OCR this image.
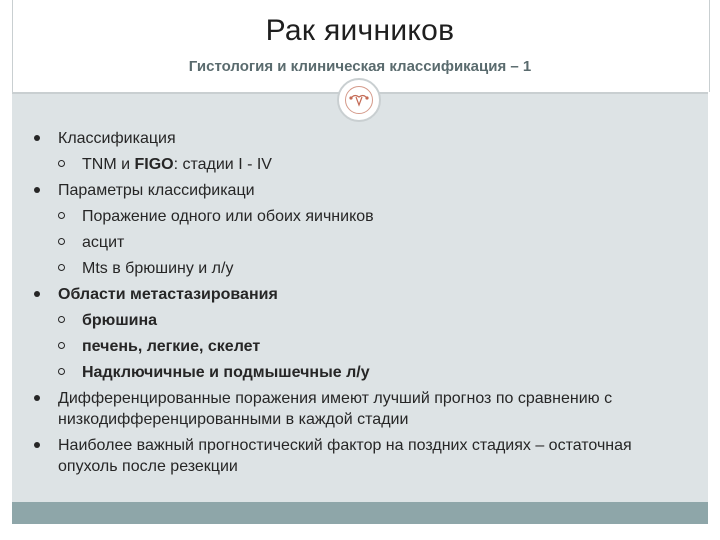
Рак яичников
Гистология и клиническая классификация – 1
Классификация
TNM и FIGO: стадии I - IV
Параметры классификаци
Поражение одного или обоих яичников
асцит
Mts в брюшину и л/у
Области метастазирования
брюшина
печень, легкие, скелет
Надключичные и подмышечные л/у
Дифференцированные поражения имеют лучший прогноз по сравнению с низкодифференцированными в каждой стадии
Наиболее важный прогностический фактор на поздних стадиях – остаточная опухоль после резекции
